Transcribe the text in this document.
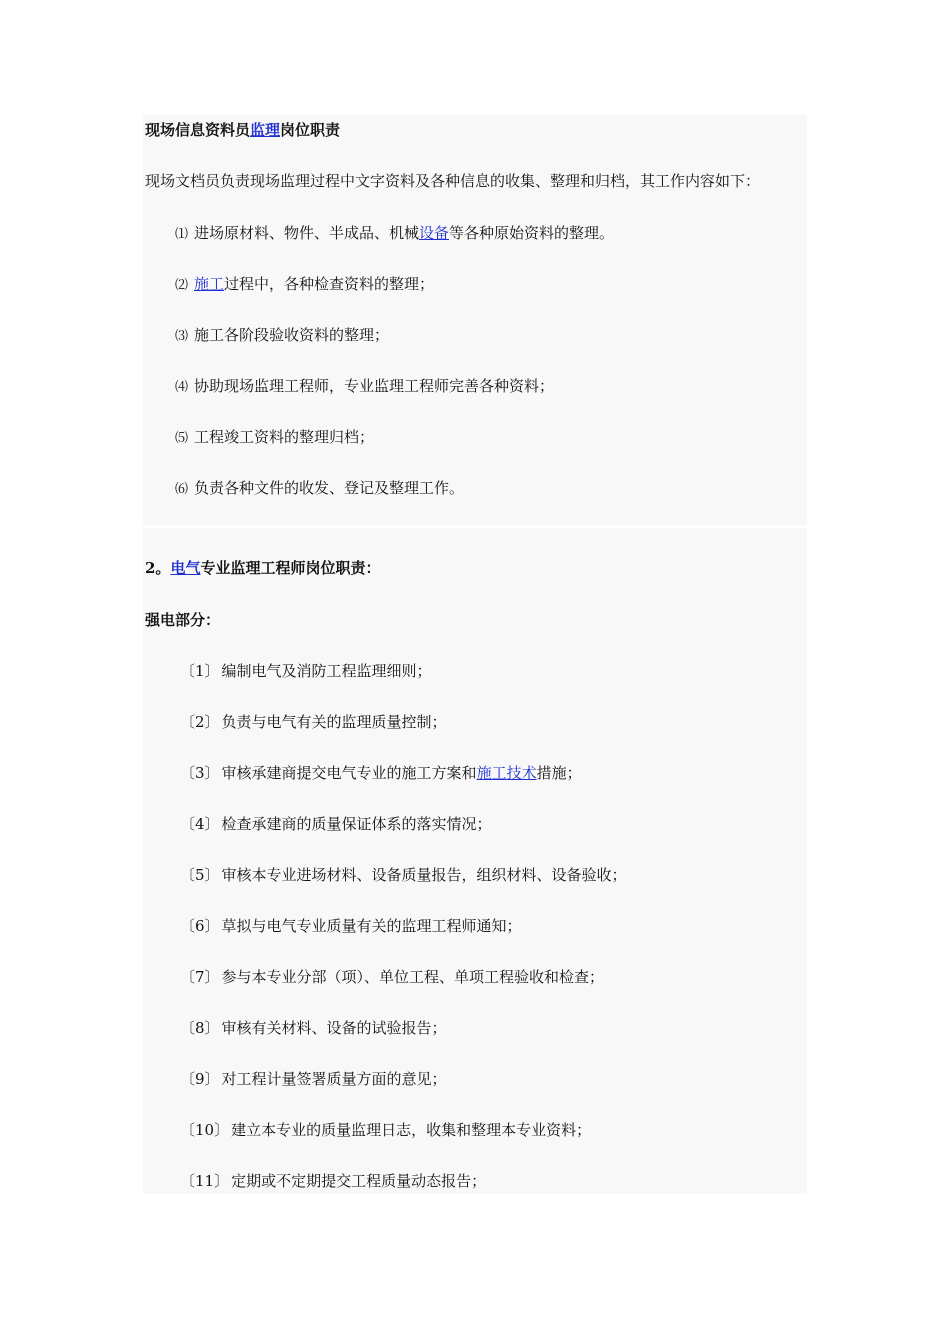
现场信息资料员监理岗位职责
现场文档员负责现场监理过程中文字资料及各种信息的收集、整理和归档，其工作内容如下：
⑴ 进场原材料、物件、半成品、机械设备等各种原始资料的整理。
⑵ 施工过程中，各种检查资料的整理；
⑶ 施工各阶段验收资料的整理；
⑷ 协助现场监理工程师，专业监理工程师完善各种资料；
⑸ 工程竣工资料的整理归档；
⑹ 负责各种文件的收发、登记及整理工作。
2。电气专业监理工程师岗位职责：
强电部分：
〔1〕 编制电气及消防工程监理细则；
〔2〕 负责与电气有关的监理质量控制；
〔3〕 审核承建商提交电气专业的施工方案和施工技术措施；
〔4〕 检查承建商的质量保证体系的落实情况；
〔5〕 审核本专业进场材料、设备质量报告，组织材料、设备验收；
〔6〕 草拟与电气专业质量有关的监理工程师通知；
〔7〕 参与本专业分部（项）、单位工程、单项工程验收和检查；
〔8〕 审核有关材料、设备的试验报告；
〔9〕 对工程计量签署质量方面的意见；
〔10〕 建立本专业的质量监理日志，收集和整理本专业资料；
〔11〕 定期或不定期提交工程质量动态报告；
